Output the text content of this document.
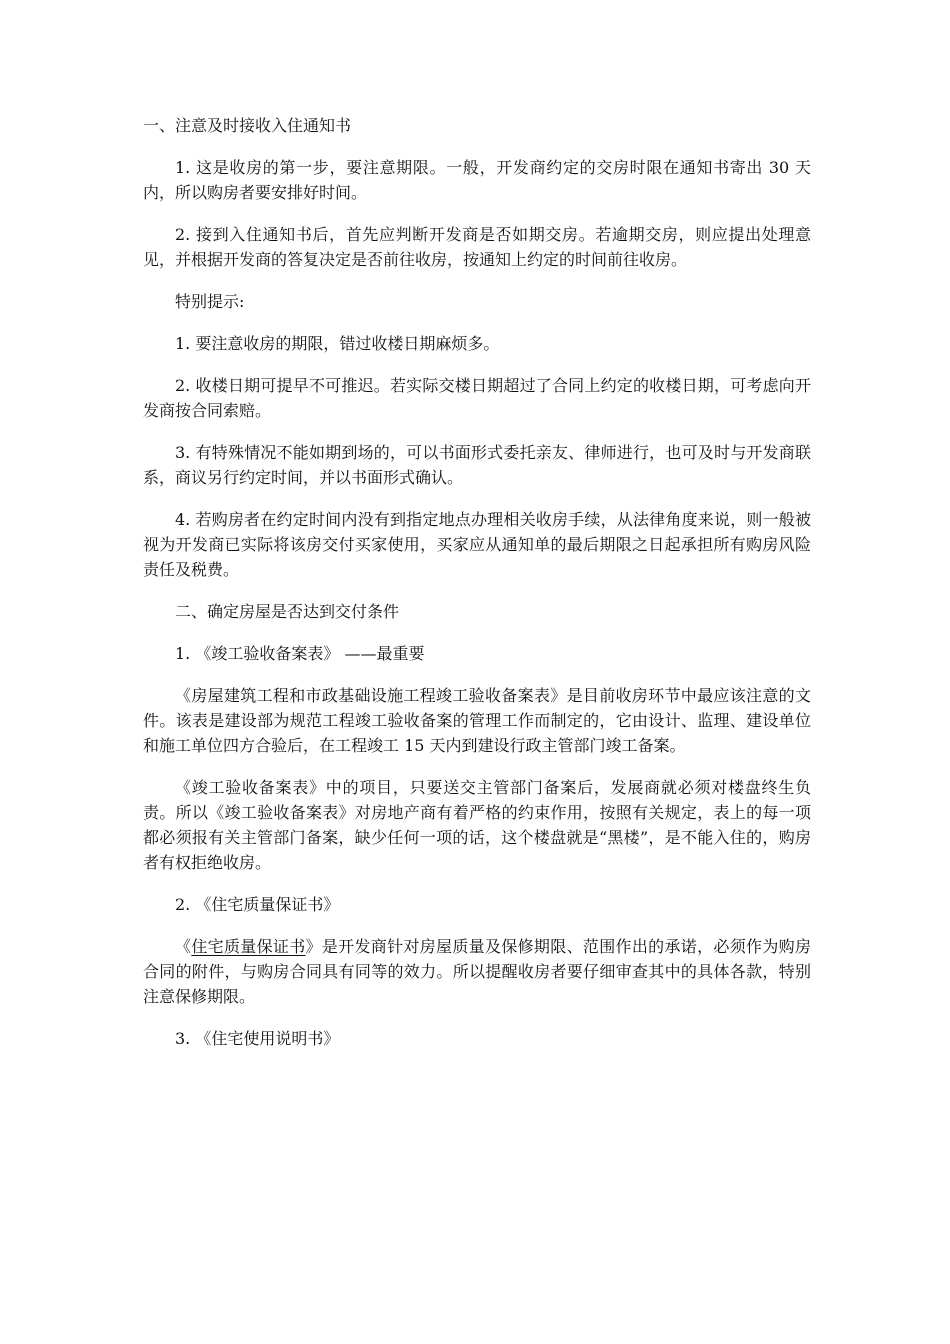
一、注意及时接收入住通知书

1. 这是收房的第一步，要注意期限。一般，开发商约定的交房时限在通知书寄出 30 天内，所以购房者要安排好时间。

2. 接到入住通知书后，首先应判断开发商是否如期交房。若逾期交房，则应提出处理意见，并根据开发商的答复决定是否前往收房，按通知上约定的时间前往收房。

特别提示:

1. 要注意收房的期限，错过收楼日期麻烦多。

2. 收楼日期可提早不可推迟。若实际交楼日期超过了合同上约定的收楼日期，可考虑向开发商按合同索赔。

3. 有特殊情况不能如期到场的，可以书面形式委托亲友、律师进行，也可及时与开发商联系，商议另行约定时间，并以书面形式确认。

4. 若购房者在约定时间内没有到指定地点办理相关收房手续，从法律角度来说，则一般被视为开发商已实际将该房交付买家使用，买家应从通知单的最后期限之日起承担所有购房风险责任及税费。

二、确定房屋是否达到交付条件

1. 《竣工验收备案表》 ——最重要

《房屋建筑工程和市政基础设施工程竣工验收备案表》是目前收房环节中最应该注意的文件。该表是建设部为规范工程竣工验收备案的管理工作而制定的，它由设计、监理、建设单位和施工单位四方合验后，在工程竣工 15 天内到建设行政主管部门竣工备案。

《竣工验收备案表》中的项目，只要送交主管部门备案后，发展商就必须对楼盘终生负责。所以《竣工验收备案表》对房地产商有着严格的约束作用，按照有关规定，表上的每一项都必须报有关主管部门备案，缺少任何一项的话，这个楼盘就是“黑楼”，是不能入住的，购房者有权拒绝收房。

2. 《住宅质量保证书》

《住宅质量保证书》是开发商针对房屋质量及保修期限、范围作出的承诺，必须作为购房合同的附件，与购房合同具有同等的效力。所以提醒收房者要仔细审查其中的具体各款，特别注意保修期限。

3. 《住宅使用说明书》
